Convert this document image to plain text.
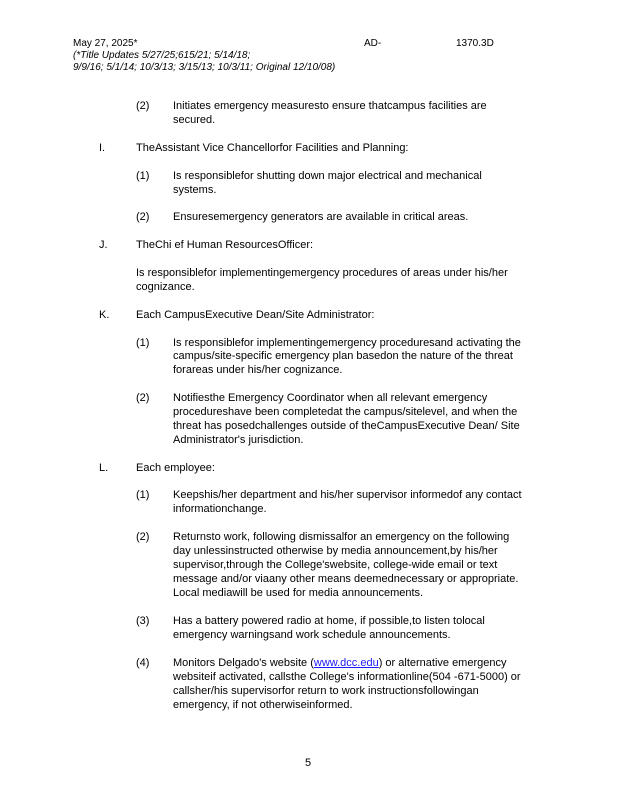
May 27, 2025*	AD-	1370.3D
(*Title Updates 5/27/25;615/21; 5/14/18;
9/9/16; 5/1/14; 10/3/13; 3/15/13; 10/3/11; Original 12/10/08)
(2) Initiates emergency measuresto ensure thatcampus facilities are
secured.
I.	TheAssistant Vice Chancellorfor Facilities and Planning:
(1) Is responsiblefor shutting down major electrical and mechanical
systems.
(2) Ensuresemergency generators are available in critical areas.
J.	TheChi ef Human ResourcesOfficer:
Is responsiblefor implementingemergency procedures of areas under his/her
cognizance.
K. Each CampusExecutive Dean/Site Administrator:
(1) Is responsiblefor implementingemergency proceduresand activating the
campus/site-specific emergency plan basedon the nature of the threat
forareas under his/her cognizance.
(2) Notifiesthe Emergency Coordinator when all relevant emergency
procedureshave been completedat the campus/sitelevel, and when the
threat has posedchallenges outside of theCampusExecutive Dean/ Site
Administrator's jurisdiction.
L.	Each employee:
(1) Keepshis/her department and his/her supervisor informedof any contact
informationchange.
(2) Returnsto work, following dismissalfor an emergency on the following
day unlessinstructed otherwise by media announcement,by his/her
supervisor,through the College'swebsite, college-wide email or text
message and/or viaany other means deemednecessary or appropriate.
Local mediawill be used for media announcements.
(3) Has a battery powered radio at home, if possible,to listen tolocal
emergency warningsand work schedule announcements.
(4) Monitors Delgado's website (www.dcc.edu) or alternative emergency
websiteif activated, callsthe College's informationline(504 -671-5000) or
callsher/his supervisorfor return to work instructionsfollowingan
emergency, if not otherwiseinformed.
5
